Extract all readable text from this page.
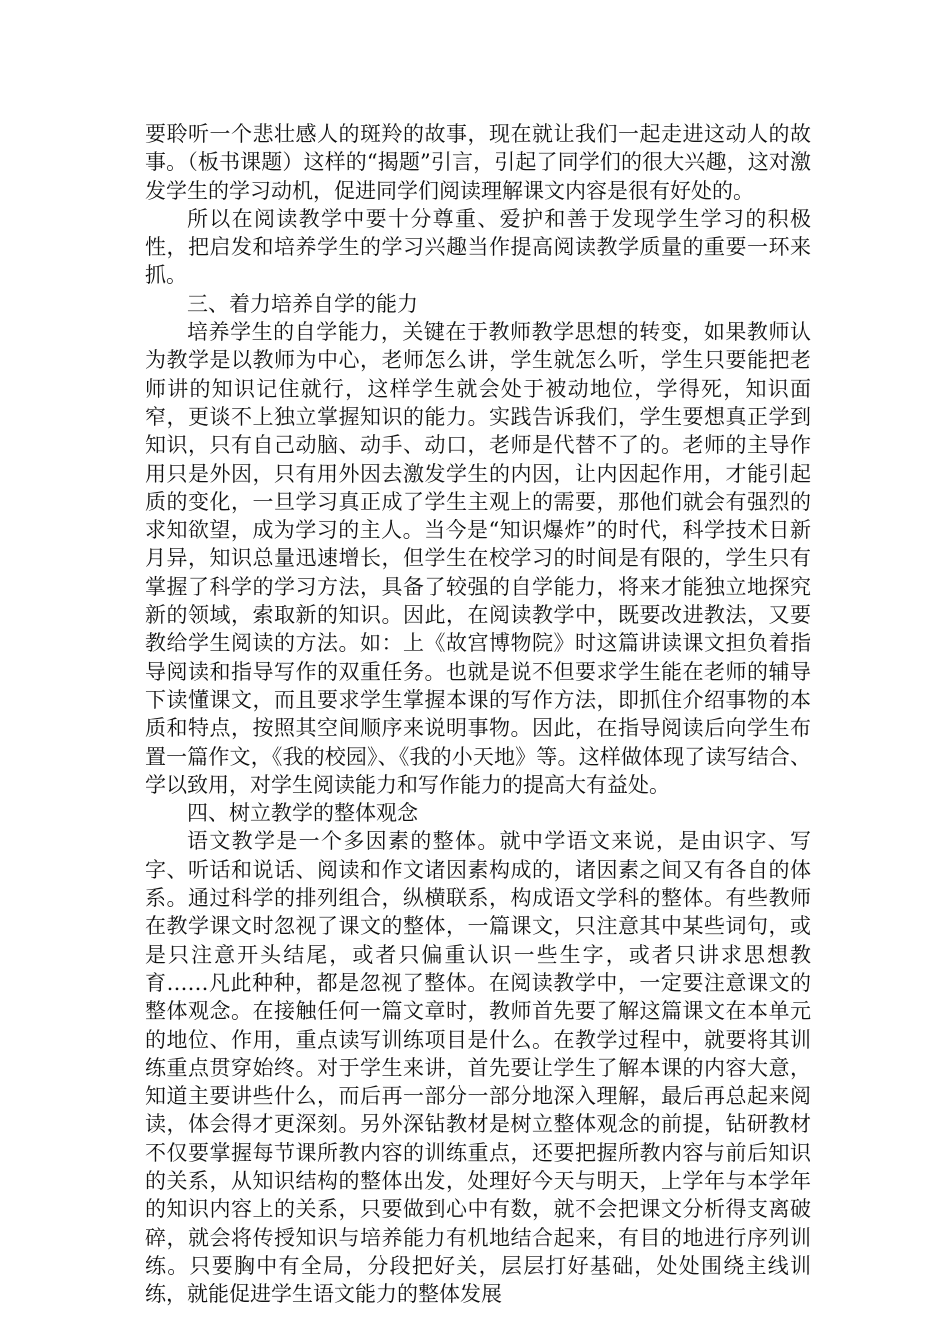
要聆听一个悲壮感人的斑羚的故事，现在就让我们一起走进这动人的故事。（板书课题）这样的“揭题”引言，引起了同学们的很大兴趣，这对激发学生的学习动机，促进同学们阅读理解课文内容是很有好处的。

所以在阅读教学中要十分尊重、爱护和善于发现学生学习的积极性，把启发和培养学生的学习兴趣当作提高阅读教学质量的重要一环来抓。

三、着力培养自学的能力

培养学生的自学能力，关键在于教师教学思想的转变，如果教师认为教学是以教师为中心，老师怎么讲，学生就怎么听，学生只要能把老师讲的知识记住就行，这样学生就会处于被动地位，学得死，知识面窄，更谈不上独立掌握知识的能力。实践告诉我们，学生要想真正学到知识，只有自己动脑、动手、动口，老师是代替不了的。老师的主导作用只是外因，只有用外因去激发学生的内因，让内因起作用，才能引起质的变化，一旦学习真正成了学生主观上的需要，那他们就会有强烈的求知欲望，成为学习的主人。当今是“知识爆炸”的时代，科学技术日新月异，知识总量迅速增长，但学生在校学习的时间是有限的，学生只有掌握了科学的学习方法，具备了较强的自学能力，将来才能独立地探究新的领域，索取新的知识。因此，在阅读教学中，既要改进教法，又要教给学生阅读的方法。如：上《故宫博物院》时这篇讲读课文担负着指导阅读和指导写作的双重任务。也就是说不但要求学生能在老师的辅导下读懂课文，而且要求学生掌握本课的写作方法，即抓住介绍事物的本质和特点，按照其空间顺序来说明事物。因此，在指导阅读后向学生布置一篇作文，《我的校园》、《我的小天地》等。这样做体现了读写结合、学以致用，对学生阅读能力和写作能力的提高大有益处。

四、树立教学的整体观念

语文教学是一个多因素的整体。就中学语文来说，是由识字、写字、听话和说话、阅读和作文诸因素构成的，诸因素之间又有各自的体系。通过科学的排列组合，纵横联系，构成语文学科的整体。有些教师在教学课文时忽视了课文的整体，一篇课文，只注意其中某些词句，或是只注意开头结尾，或者只偏重认识一些生字，或者只讲求思想教育……凡此种种，都是忽视了整体。在阅读教学中，一定要注意课文的整体观念。在接触任何一篇文章时，教师首先要了解这篇课文在本单元的地位、作用，重点读写训练项目是什么。在教学过程中，就要将其训练重点贯穿始终。对于学生来讲，首先要让学生了解本课的内容大意，知道主要讲些什么，而后再一部分一部分地深入理解，最后再总起来阅读，体会得才更深刻。另外深钻教材是树立整体观念的前提，钻研教材不仅要掌握每节课所教内容的训练重点，还要把握所教内容与前后知识的关系，从知识结构的整体出发，处理好今天与明天，上学年与本学年的知识内容上的关系，只要做到心中有数，就不会把课文分析得支离破碎，就会将传授知识与培养能力有机地结合起来，有目的地进行序列训练。只要胸中有全局，分段把好关，层层打好基础，处处围绕主线训练，就能促进学生语文能力的整体发展
